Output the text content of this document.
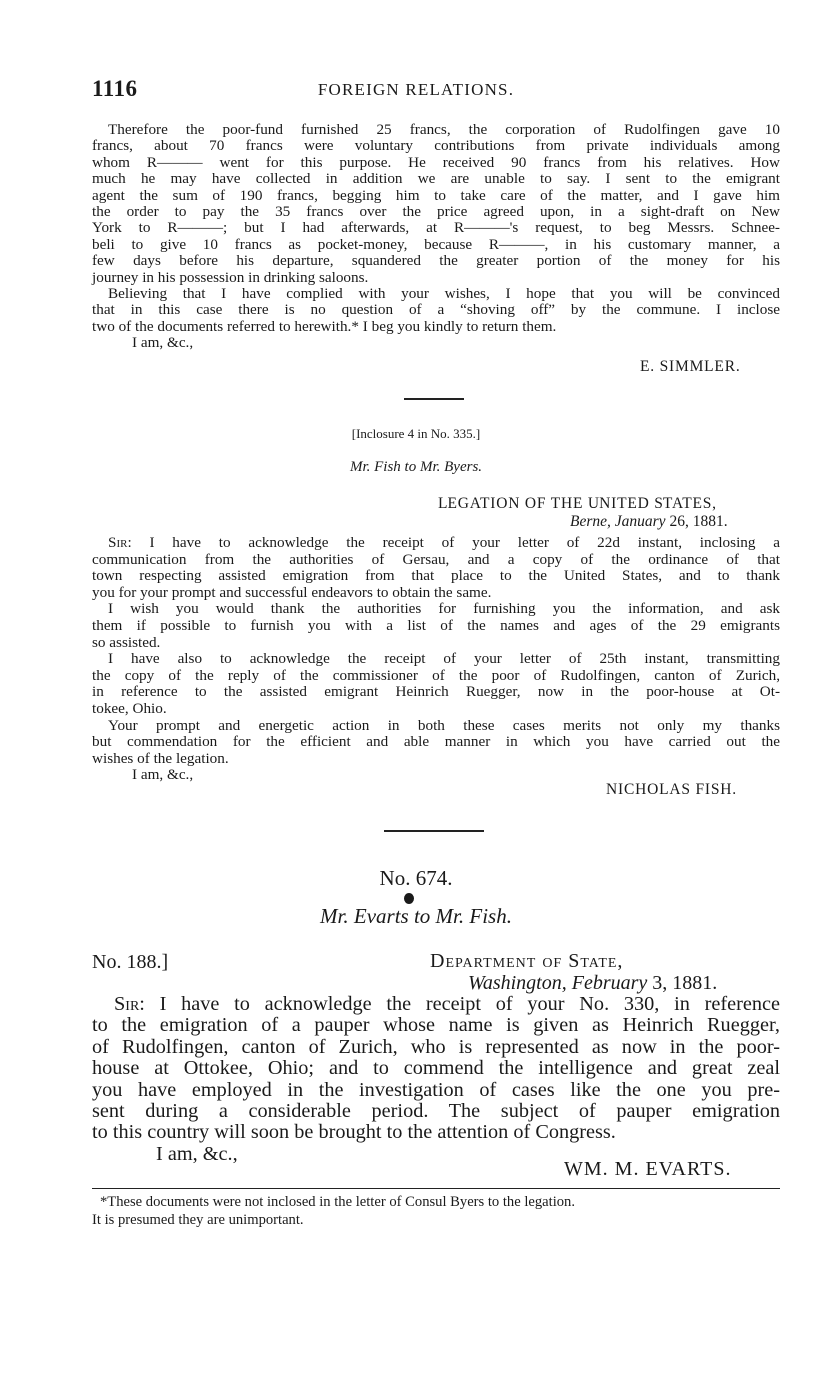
1116	FOREIGN RELATIONS.

Therefore the poor-fund furnished 25 francs, the corporation of Rudolfingen gave 10
francs, about 70 francs were voluntary contributions from private individuals among
whom R——— went for this purpose. He received 90 francs from his relatives. How
much he may have collected in addition we are unable to say. I sent to the emigrant
agent the sum of 190 francs, begging him to take care of the matter, and I gave him
the order to pay the 35 francs over the price agreed upon, in a sight-draft on New
York to R———; but I had afterwards, at R———'s request, to beg Messrs. Schnee-
beli to give 10 francs as pocket-money, because R———, in his customary manner, a
few days before his departure, squandered the greater portion of the money for his
journey in his possession in drinking saloons.

Believing that I have complied with your wishes, I hope that you will be convinced
that in this case there is no question of a “shoving off” by the commune. I inclose
two of the documents referred to herewith.* I beg you kindly to return them.

I am, &c.,
E. SIMMLER.
[Inclosure 4 in No. 335.]
Mr. Fish to Mr. Byers.
LEGATION OF THE UNITED STATES,
Berne, January 26, 1881.

Sir: I have to acknowledge the receipt of your letter of 22d instant, inclosing a
communication from the authorities of Gersau, and a copy of the ordinance of that
town respecting assisted emigration from that place to the United States, and to thank
you for your prompt and successful endeavors to obtain the same.

I wish you would thank the authorities for furnishing you the information, and ask
them if possible to furnish you with a list of the names and ages of the 29 emigrants
so assisted.

I have also to acknowledge the receipt of your letter of 25th instant, transmitting
the copy of the reply of the commissioner of the poor of Rudolfingen, canton of Zurich,
in reference to the assisted emigrant Heinrich Ruegger, now in the poor-house at Ot-
tokee, Ohio.

Your prompt and energetic action in both these cases merits not only my thanks
but commendation for the efficient and able manner in which you have carried out the
wishes of the legation.

I am, &c.,
NICHOLAS FISH.
No. 674.
Mr. Evarts to Mr. Fish.
No. 188.]	Department of State,
Washington, February 3, 1881.

Sir: I have to acknowledge the receipt of your No. 330, in reference
to the emigration of a pauper whose name is given as Heinrich Ruegger,
of Rudolfingen, canton of Zurich, who is represented as now in the poor-
house at Ottokee, Ohio; and to commend the intelligence and great zeal
you have employed in the investigation of cases like the one you pre-
sent during a considerable period. The subject of pauper emigration
to this country will soon be brought to the attention of Congress.

I am, &c.,
WM. M. EVARTS.
*These documents were not inclosed in the letter of Consul Byers to the legation.
It is presumed they are unimportant.
